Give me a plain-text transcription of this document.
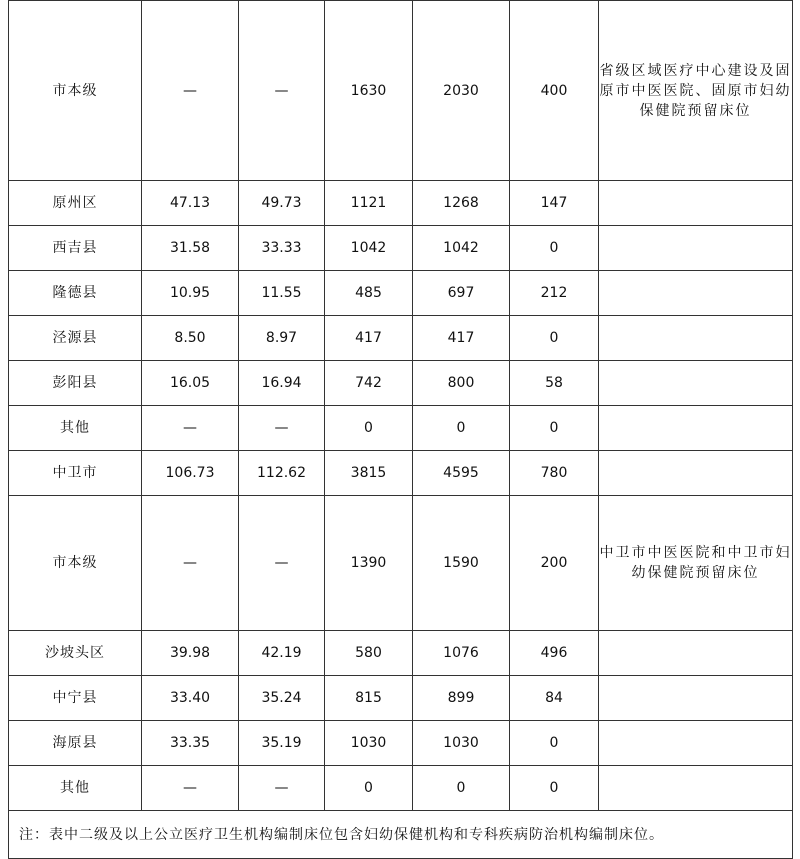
市本级	—	—	1630	2030	400	省级区域医疗中心建设及固原市中医医院、固原市妇幼保健院预留床位
原州区	47.13	49.73	1121	1268	147	
西吉县	31.58	33.33	1042	1042	0	
隆德县	10.95	11.55	485	697	212	
泾源县	8.50	8.97	417	417	0	
彭阳县	16.05	16.94	742	800	58	
其他	—	—	0	0	0	
中卫市	106.73	112.62	3815	4595	780	
市本级	—	—	1390	1590	200	中卫市中医医院和中卫市妇幼保健院预留床位
沙坡头区	39.98	42.19	580	1076	496	
中宁县	33.40	35.24	815	899	84	
海原县	33.35	35.19	1030	1030	0	
其他	—	—	0	0	0	
注：表中二级及以上公立医疗卫生机构编制床位包含妇幼保健机构和专科疾病防治机构编制床位。						
